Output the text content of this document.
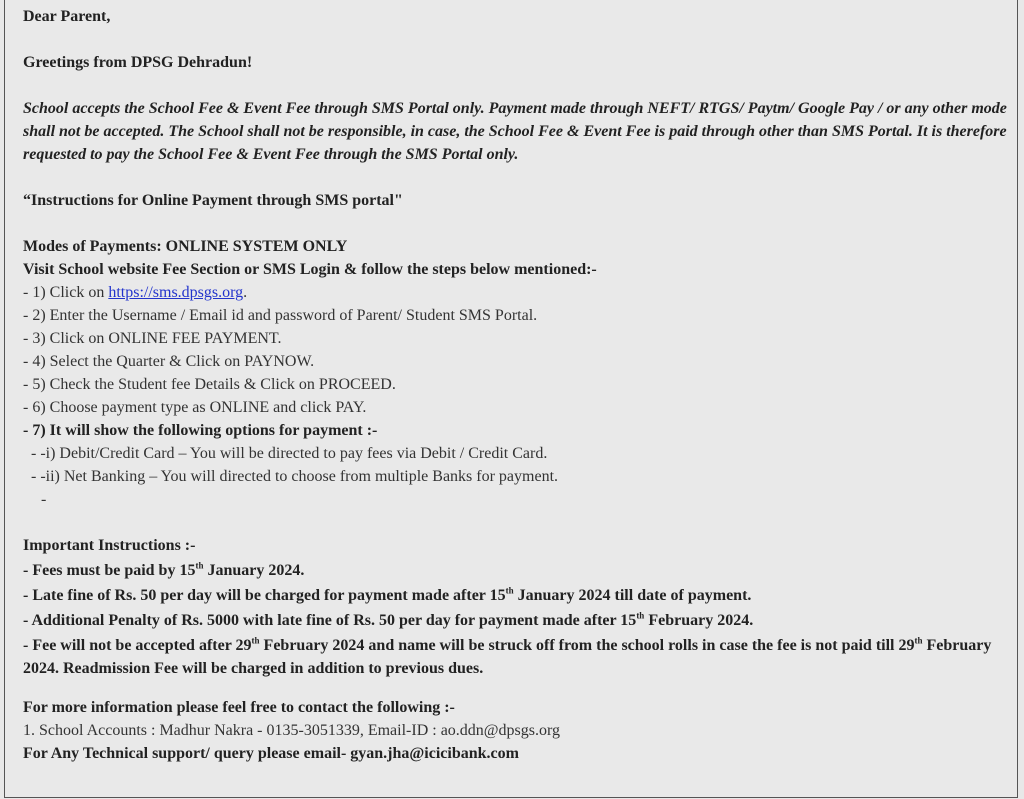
Dear Parent,

Greetings from DPSG Dehradun!

School accepts the School Fee & Event Fee through SMS Portal only. Payment made through NEFT/ RTGS/ Paytm/ Google Pay / or any other mode shall not be accepted. The School shall not be responsible, in case, the School Fee & Event Fee is paid through other than SMS Portal. It is therefore requested to pay the School Fee & Event Fee through the SMS Portal only.

“Instructions for Online Payment through SMS portal"

Modes of Payments: ONLINE SYSTEM ONLY

Visit School website Fee Section or SMS Login & follow the steps below mentioned:-

- 1) Click on https://sms.dpsgs.org.

- 2) Enter the Username / Email id and password of Parent/ Student SMS Portal.

- 3) Click on ONLINE FEE PAYMENT.

- 4) Select the Quarter & Click on PAYNOW.

- 5) Check the Student fee Details & Click on PROCEED.

- 6) Choose payment type as ONLINE and click PAY.

- 7) It will show the following options for payment :-

- -i) Debit/Credit Card – You will be directed to pay fees via Debit / Credit Card.

- -ii) Net Banking – You will directed to choose from multiple Banks for payment.

-

Important Instructions :-

- Fees must be paid by 15th January 2024.

- Late fine of Rs. 50 per day will be charged for payment made after 15th January 2024 till date of payment.

- Additional Penalty of Rs. 5000 with late fine of Rs. 50 per day for payment made after 15th February 2024.

- Fee will not be accepted after 29th February 2024 and name will be struck off from the school rolls in case the fee is not paid till 29th February 2024. Readmission Fee will be charged in addition to previous dues.

For more information please feel free to contact the following :-

1. School Accounts : Madhur Nakra - 0135-3051339, Email-ID : ao.ddn@dpsgs.org

For Any Technical support/ query please email- gyan.jha@icicibank.com
